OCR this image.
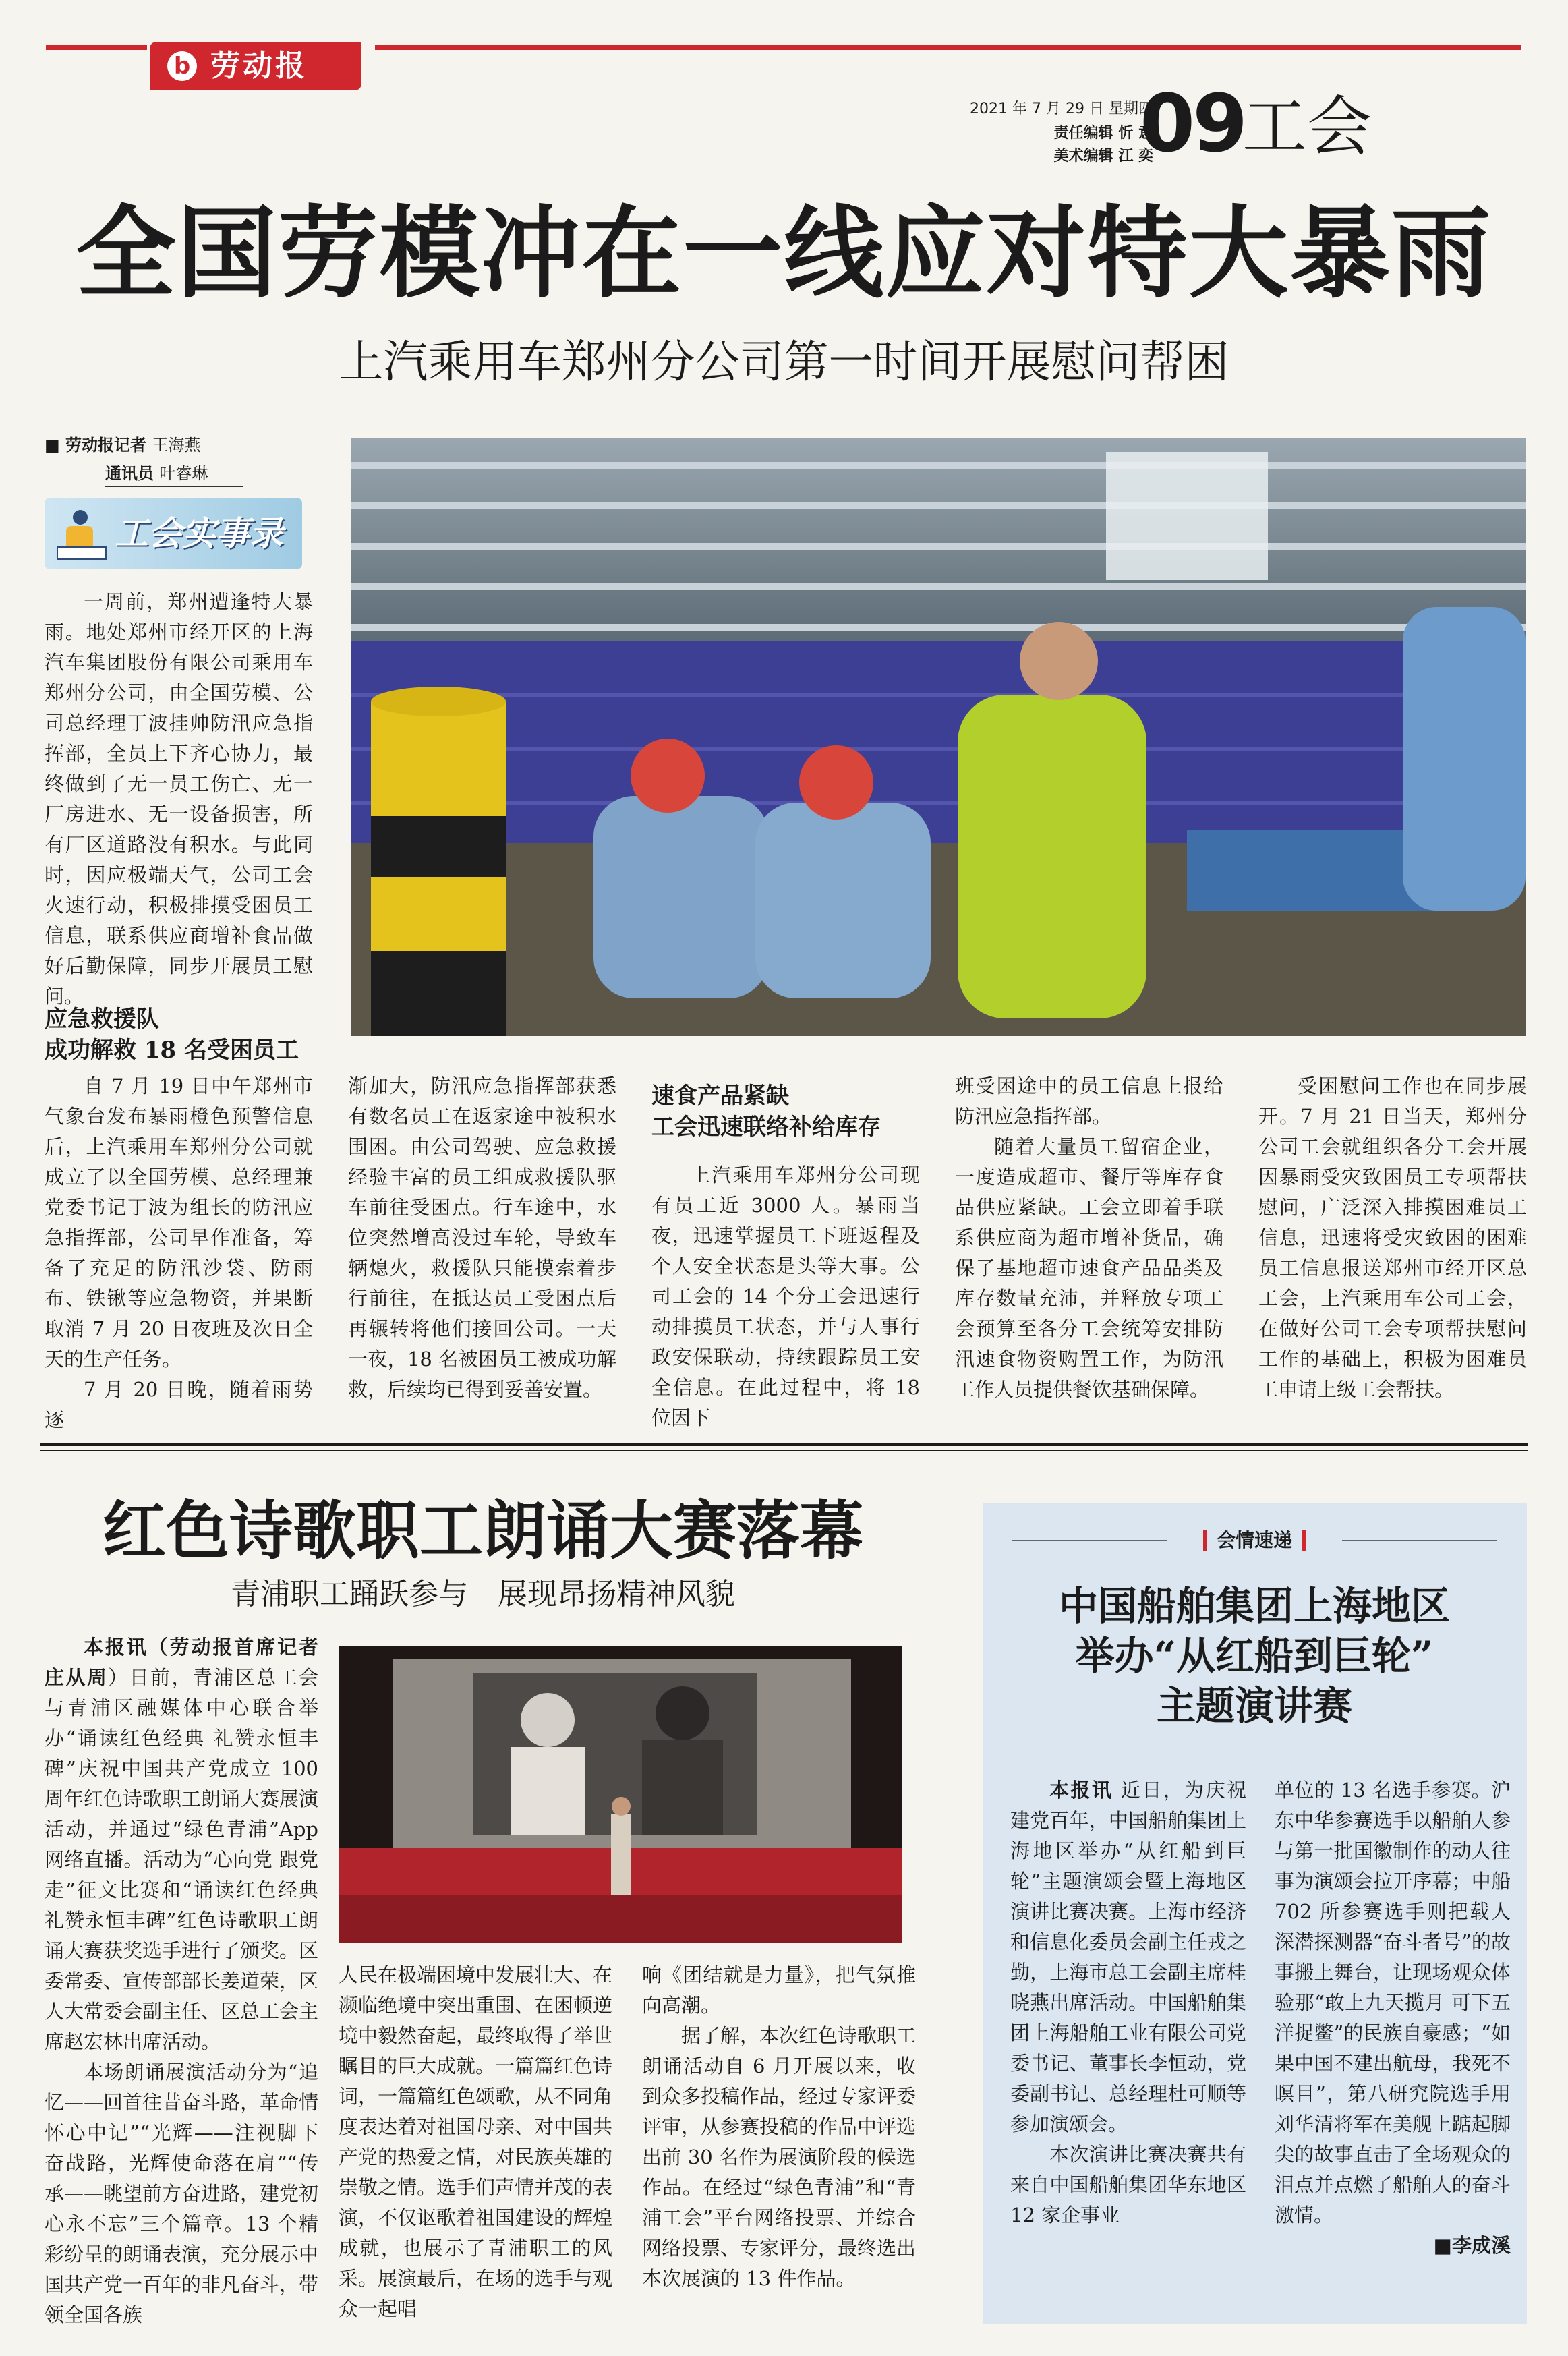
b 劳动报
2021 年 7 月 29 日 星期四
责任编辑 忻 意
美术编辑 江 奕
09
工会
全国劳模冲在一线应对特大暴雨
上汽乘用车郑州分公司第一时间开展慰问帮困
■ 劳动报记者 王海燕
通讯员 叶睿琳
工会实事录
一周前，郑州遭逢特大暴雨。地处郑州市经开区的上海汽车集团股份有限公司乘用车郑州分公司，由全国劳模、公司总经理丁波挂帅防汛应急指挥部，全员上下齐心协力，最终做到了无一员工伤亡、无一厂房进水、无一设备损害，所有厂区道路没有积水。与此同时，因应极端天气，公司工会火速行动，积极排摸受困员工信息，联系供应商增补食品做好后勤保障，同步开展员工慰问。
应急救援队
成功解救 18 名受困员工

自 7 月 19 日中午郑州市气象台发布暴雨橙色预警信息后，上汽乘用车郑州分公司就成立了以全国劳模、总经理兼党委书记丁波为组长的防汛应急指挥部，公司早作准备，筹备了充足的防汛沙袋、防雨布、铁锹等应急物资，并果断取消 7 月 20 日夜班及次日全天的生产任务。

7 月 20 日晚，随着雨势逐

渐加大，防汛应急指挥部获悉有数名员工在返家途中被积水围困。由公司驾驶、应急救援经验丰富的员工组成救援队驱车前往受困点。行车途中，水位突然增高没过车轮，导致车辆熄火，救援队只能摸索着步行前往，在抵达员工受困点后再辗转将他们接回公司。一天一夜，18 名被困员工被成功解救，后续均已得到妥善安置。

速食产品紧缺
工会迅速联络补给库存

上汽乘用车郑州分公司现有员工近 3000 人。暴雨当夜，迅速掌握员工下班返程及个人安全状态是头等大事。公司工会的 14 个分工会迅速行动排摸员工状态，并与人事行政安保联动，持续跟踪员工安全信息。在此过程中，将 18 位因下

班受困途中的员工信息上报给防汛应急指挥部。

随着大量员工留宿企业，一度造成超市、餐厅等库存食品供应紧缺。工会立即着手联系供应商为超市增补货品，确保了基地超市速食产品品类及库存数量充沛，并释放专项工会预算至各分工会统筹安排防汛速食物资购置工作，为防汛工作人员提供餐饮基础保障。

受困慰问工作也在同步展开。7 月 21 日当天，郑州分公司工会就组织各分工会开展因暴雨受灾致困员工专项帮扶慰问，广泛深入排摸困难员工信息，迅速将受灾致困的困难员工信息报送郑州市经开区总工会，上汽乘用车公司工会，在做好公司工会专项帮扶慰问工作的基础上，积极为困难员工申请上级工会帮扶。

红色诗歌职工朗诵大赛落幕
青浦职工踊跃参与　展现昂扬精神风貌

本报讯（劳动报首席记者庄从周）日前，青浦区总工会与青浦区融媒体中心联合举办“诵读红色经典 礼赞永恒丰碑”庆祝中国共产党成立 100 周年红色诗歌职工朗诵大赛展演活动，并通过“绿色青浦”App 网络直播。活动为“心向党 跟党走”征文比赛和“诵读红色经典 礼赞永恒丰碑”红色诗歌职工朗诵大赛获奖选手进行了颁奖。区委常委、宣传部部长姜道荣，区人大常委会副主任、区总工会主席赵宏林出席活动。

本场朗诵展演活动分为“追忆——回首往昔奋斗路，革命情怀心中记”“光辉——注视脚下奋战路，光辉使命落在肩”“传承——眺望前方奋进路，建党初心永不忘”三个篇章。13 个精彩纷呈的朗诵表演，充分展示中国共产党一百年的非凡奋斗，带领全国各族

人民在极端困境中发展壮大、在濒临绝境中突出重围、在困顿逆境中毅然奋起，最终取得了举世瞩目的巨大成就。一篇篇红色诗词，一篇篇红色颂歌，从不同角度表达着对祖国母亲、对中国共产党的热爱之情，对民族英雄的崇敬之情。选手们声情并茂的表演，不仅讴歌着祖国建设的辉煌成就，也展示了青浦职工的风采。展演最后，在场的选手与观众一起唱

响《团结就是力量》，把气氛推向高潮。

据了解，本次红色诗歌职工朗诵活动自 6 月开展以来，收到众多投稿作品，经过专家评委评审，从参赛投稿的作品中评选出前 30 名作为展演阶段的候选作品。在经过“绿色青浦”和“青浦工会”平台网络投票、并综合网络投票、专家评分，最终选出本次展演的 13 件作品。

会情速递
中国船舶集团上海地区
举办“从红船到巨轮”
主题演讲赛

本报讯 近日，为庆祝建党百年，中国船舶集团上海地区举办“从红船到巨轮”主题演颂会暨上海地区演讲比赛决赛。上海市经济和信息化委员会副主任戎之勤，上海市总工会副主席桂晓燕出席活动。中国船舶集团上海船舶工业有限公司党委书记、董事长李恒动，党委副书记、总经理杜可顺等参加演颂会。

本次演讲比赛决赛共有来自中国船舶集团华东地区 12 家企事业

单位的 13 名选手参赛。沪东中华参赛选手以船舶人参与第一批国徽制作的动人往事为演颂会拉开序幕；中船 702 所参赛选手则把载人深潜探测器“奋斗者号”的故事搬上舞台，让现场观众体验那“敢上九天揽月 可下五洋捉鳖”的民族自豪感；“如果中国不建出航母，我死不瞑目”，第八研究院选手用刘华清将军在美舰上踮起脚尖的故事直击了全场观众的泪点并点燃了船舶人的奋斗激情。

■李成溪
